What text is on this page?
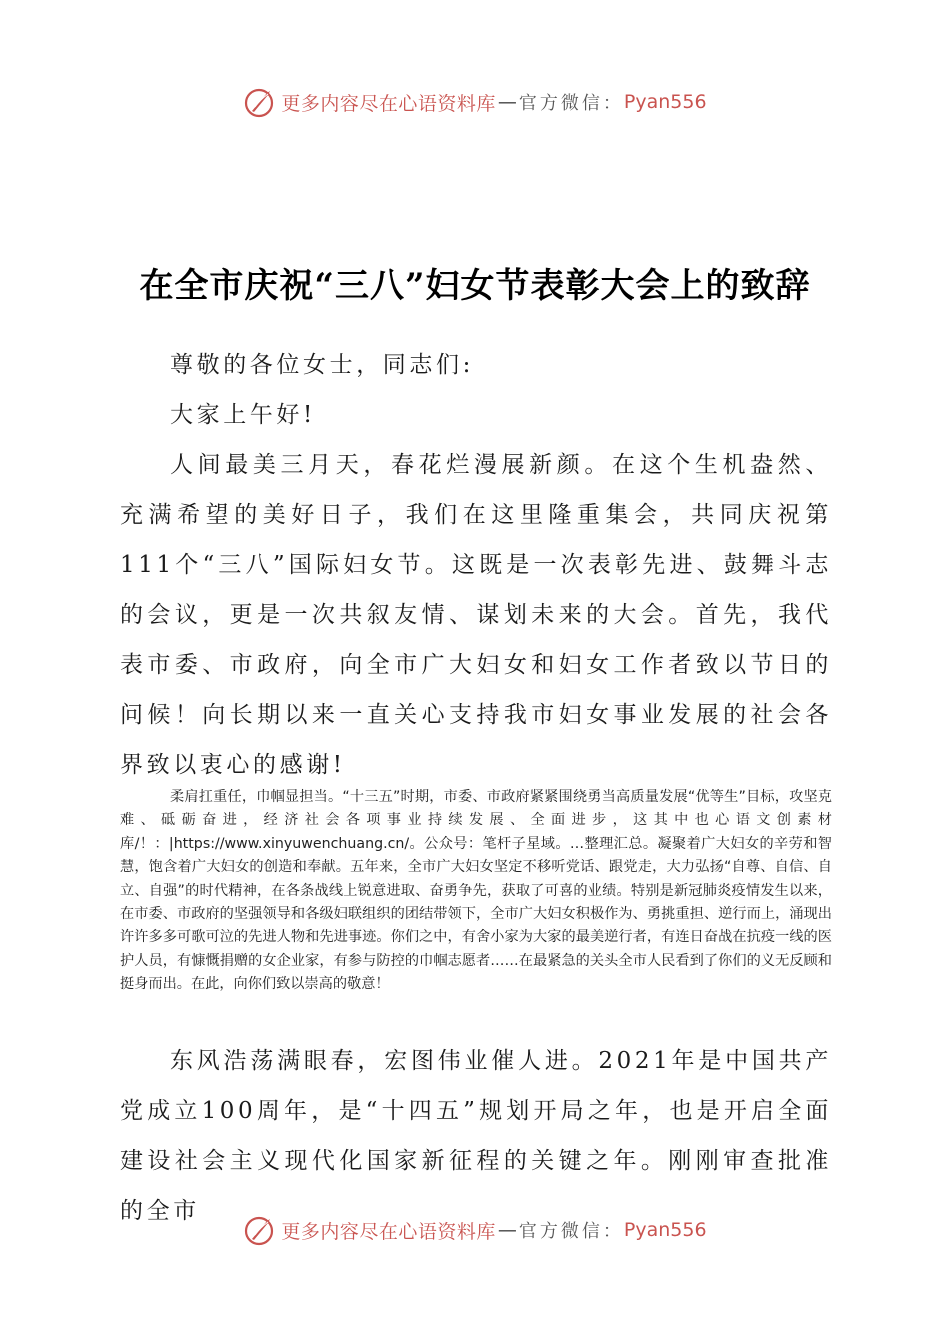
更多内容尽在心语资料库 — 官方微信： Pyan556
在全市庆祝“三八”妇女节表彰大会上的致辞

尊敬的各位女士，同志们:

大家上午好!

人间最美三月天，春花烂漫展新颜。在这个生机盎然、充满希望的美好日子，我们在这里隆重集会，共同庆祝第111个“三八”国际妇女节。这既是一次表彰先进、鼓舞斗志的会议，更是一次共叙友情、谋划未来的大会。首先，我代表市委、市政府，向全市广大妇女和妇女工作者致以节日的问候！向长期以来一直关心支持我市妇女事业发展的社会各界致以衷心的感谢!

柔肩扛重任，巾帼显担当。“十三五”时期，市委、市政府紧紧围绕勇当高质量发展“优等生”目标，攻坚克难、砥砺奋进，经济社会各项事业持续发展、全面进步，这其中也心语文创素材库/！：|https://www.xinyuwenchuang.cn/。公众号：笔杆子星域。…整理汇总。凝聚着广大妇女的辛劳和智慧，饱含着广大妇女的创造和奉献。五年来，全市广大妇女坚定不移听党话、跟党走，大力弘扬“自尊、自信、自立、自强”的时代精神，在各条战线上锐意进取、奋勇争先，获取了可喜的业绩。特别是新冠肺炎疫情发生以来，在市委、市政府的坚强领导和各级妇联组织的团结带领下，全市广大妇女积极作为、勇挑重担、逆行而上，涌现出许许多多可歌可泣的先进人物和先进事迹。你们之中，有舍小家为大家的最美逆行者，有连日奋战在抗疫一线的医护人员，有慷慨捐赠的女企业家，有参与防控的巾帼志愿者……在最紧急的关头全市人民看到了你们的义无反顾和挺身而出。在此，向你们致以崇高的敬意！

东风浩荡满眼春，宏图伟业催人进。2021年是中国共产党成立100周年，是“十四五”规划开局之年，也是开启全面建设社会主义现代化国家新征程的关键之年。刚刚审查批准的全市

更多内容尽在心语资料库 — 官方微信： Pyan556
